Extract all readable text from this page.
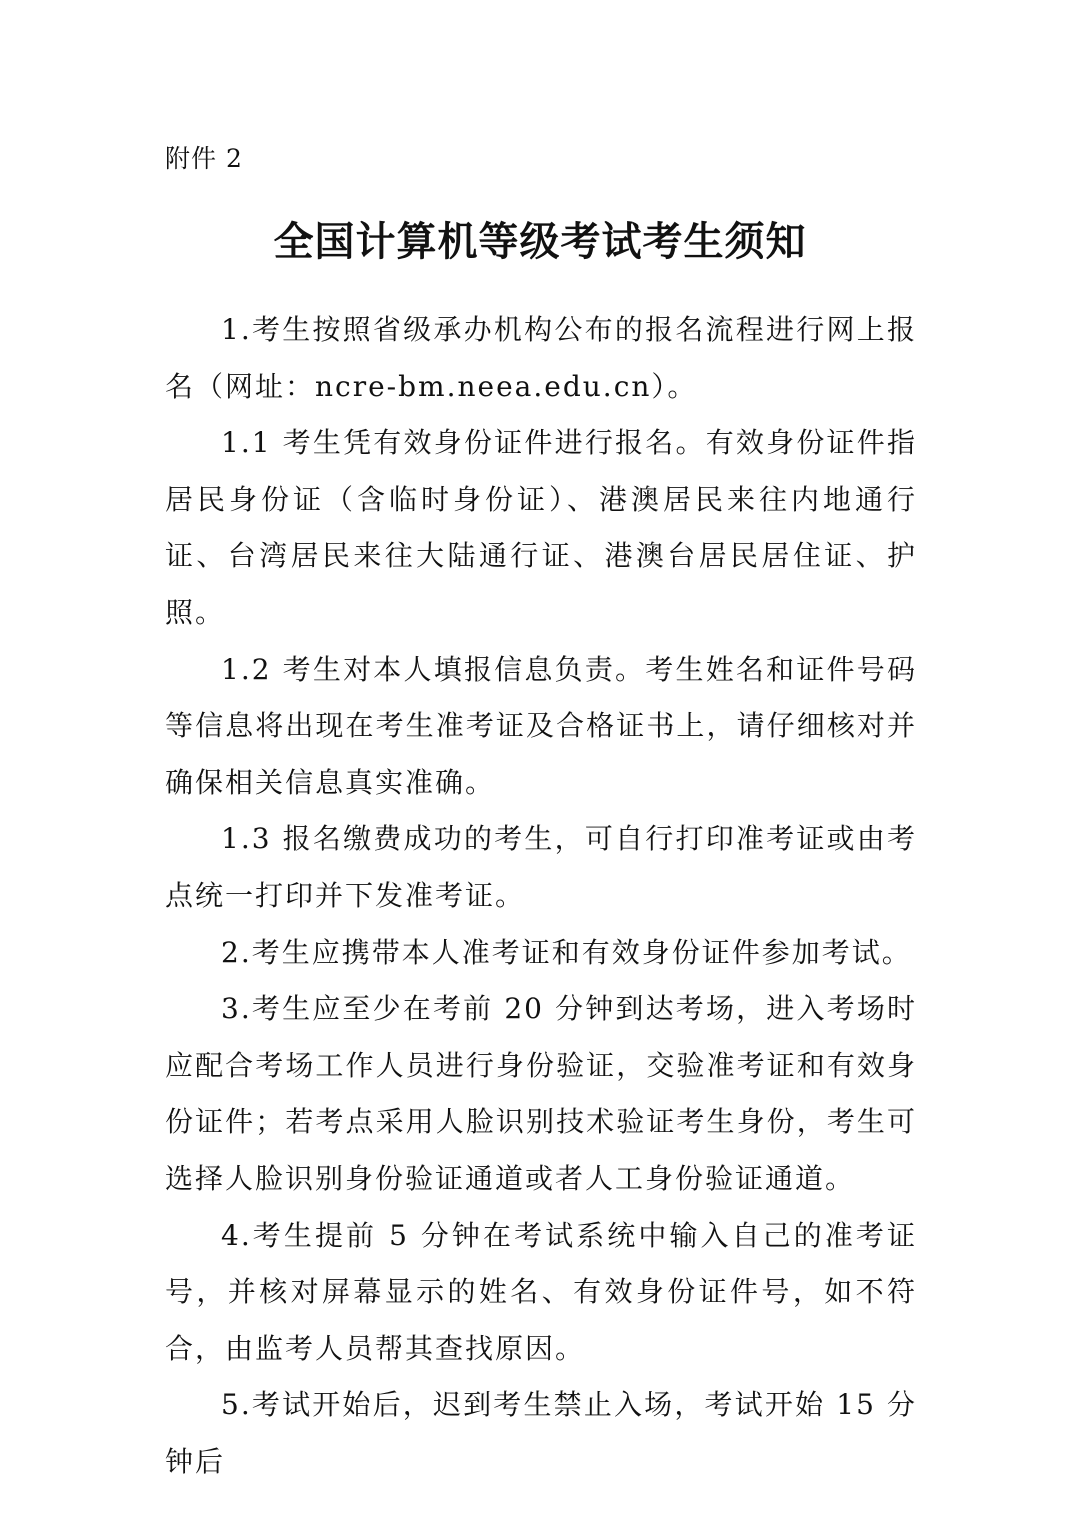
附件 2
全国计算机等级考试考生须知

1.考生按照省级承办机构公布的报名流程进行网上报名（网址：ncre-bm.neea.edu.cn）。

1.1 考生凭有效身份证件进行报名。有效身份证件指居民身份证（含临时身份证）、港澳居民来往内地通行证、台湾居民来往大陆通行证、港澳台居民居住证、护照。

1.2 考生对本人填报信息负责。考生姓名和证件号码等信息将出现在考生准考证及合格证书上，请仔细核对并确保相关信息真实准确。

1.3 报名缴费成功的考生，可自行打印准考证或由考点统一打印并下发准考证。

2.考生应携带本人准考证和有效身份证件参加考试。

3.考生应至少在考前 20 分钟到达考场，进入考场时应配合考场工作人员进行身份验证，交验准考证和有效身份证件；若考点采用人脸识别技术验证考生身份，考生可选择人脸识别身份验证通道或者人工身份验证通道。

4.考生提前 5 分钟在考试系统中输入自己的准考证号，并核对屏幕显示的姓名、有效身份证件号，如不符合，由监考人员帮其查找原因。

5.考试开始后，迟到考生禁止入场，考试开始 15 分钟后
